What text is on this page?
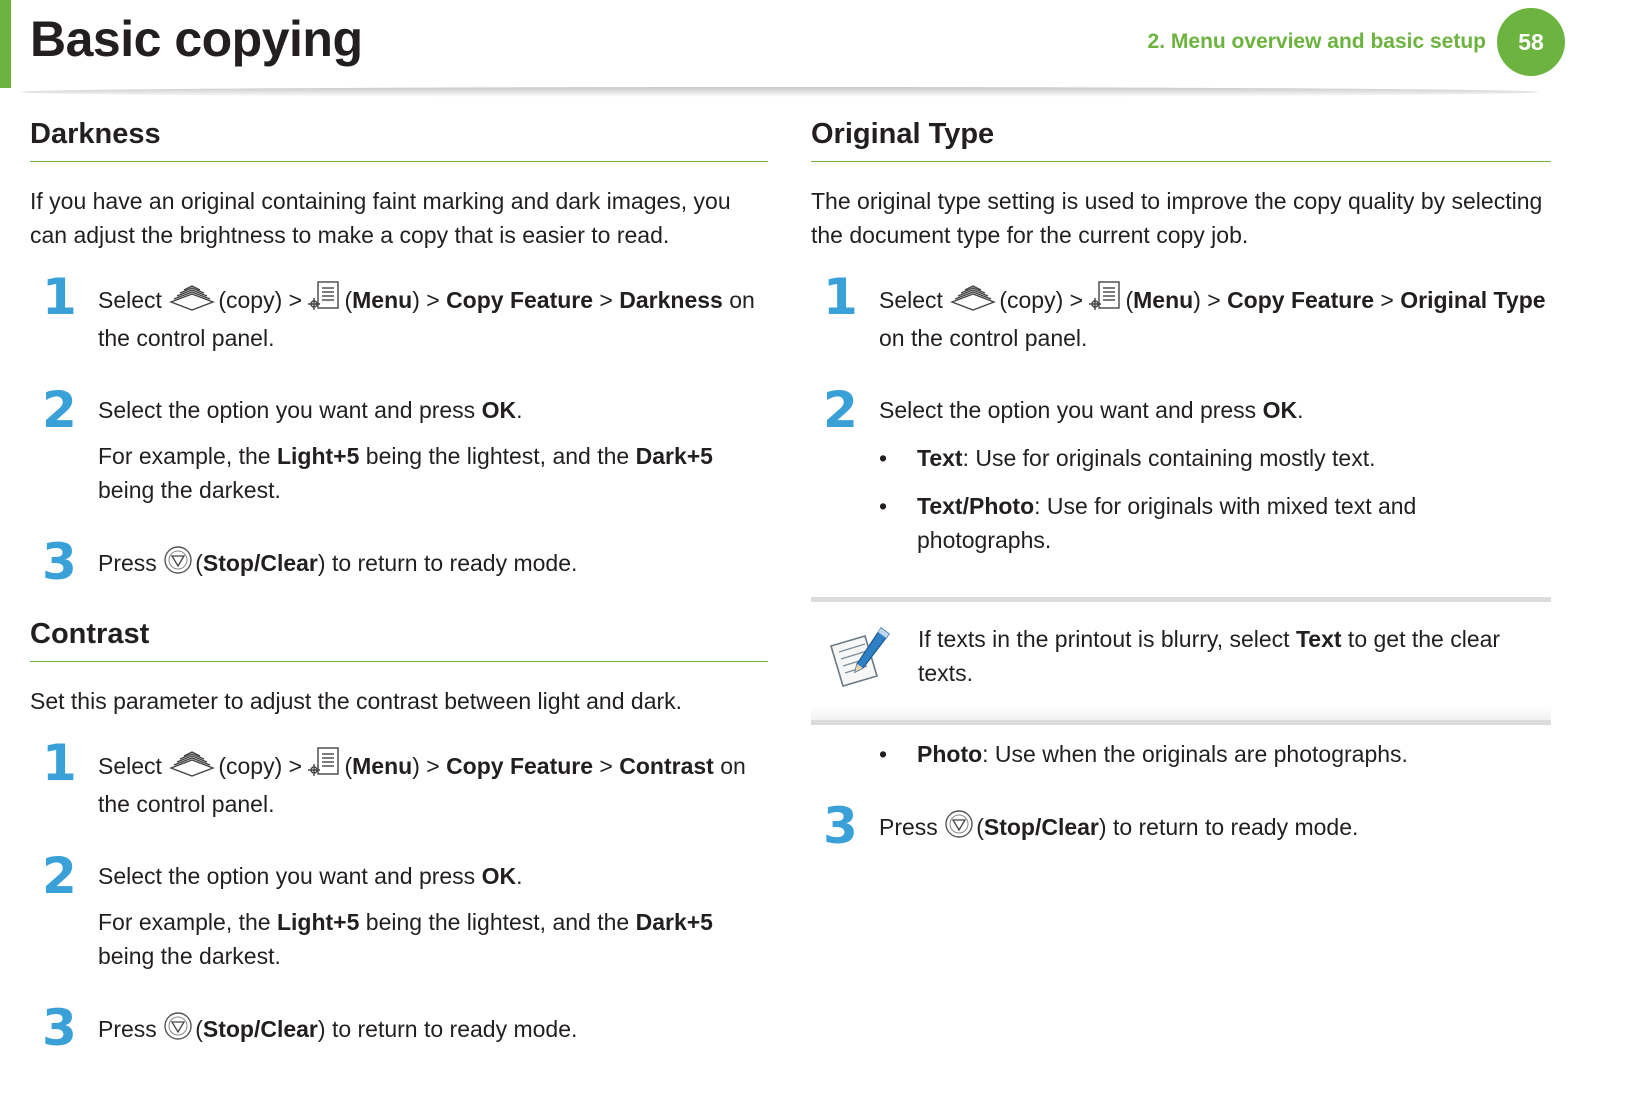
Basic copying	2. Menu overview and basic setup	58
Darkness

If you have an original containing faint marking and dark images, you can adjust the brightness to make a copy that is easier to read.

1 Select (copy) > (Menu) > Copy Feature > Darkness on the control panel.

2 Select the option you want and press OK.

For example, the Light+5 being the lightest, and the Dark+5 being the darkest.

3 Press (Stop/Clear) to return to ready mode.

Contrast

Set this parameter to adjust the contrast between light and dark.

1 Select (copy) > (Menu) > Copy Feature > Contrast on the control panel.

2 Select the option you want and press OK.

For example, the Light+5 being the lightest, and the Dark+5 being the darkest.

3 Press (Stop/Clear) to return to ready mode.

Original Type

The original type setting is used to improve the copy quality by selecting the document type for the current copy job.

1 Select (copy) > (Menu) > Copy Feature > Original Type on the control panel.

2 Select the option you want and press OK.

• Text: Use for originals containing mostly text.
• Text/Photo: Use for originals with mixed text and photographs.
If texts in the printout is blurry, select Text to get the clear texts.
• Photo: Use when the originals are photographs.
3 Press (Stop/Clear) to return to ready mode.
